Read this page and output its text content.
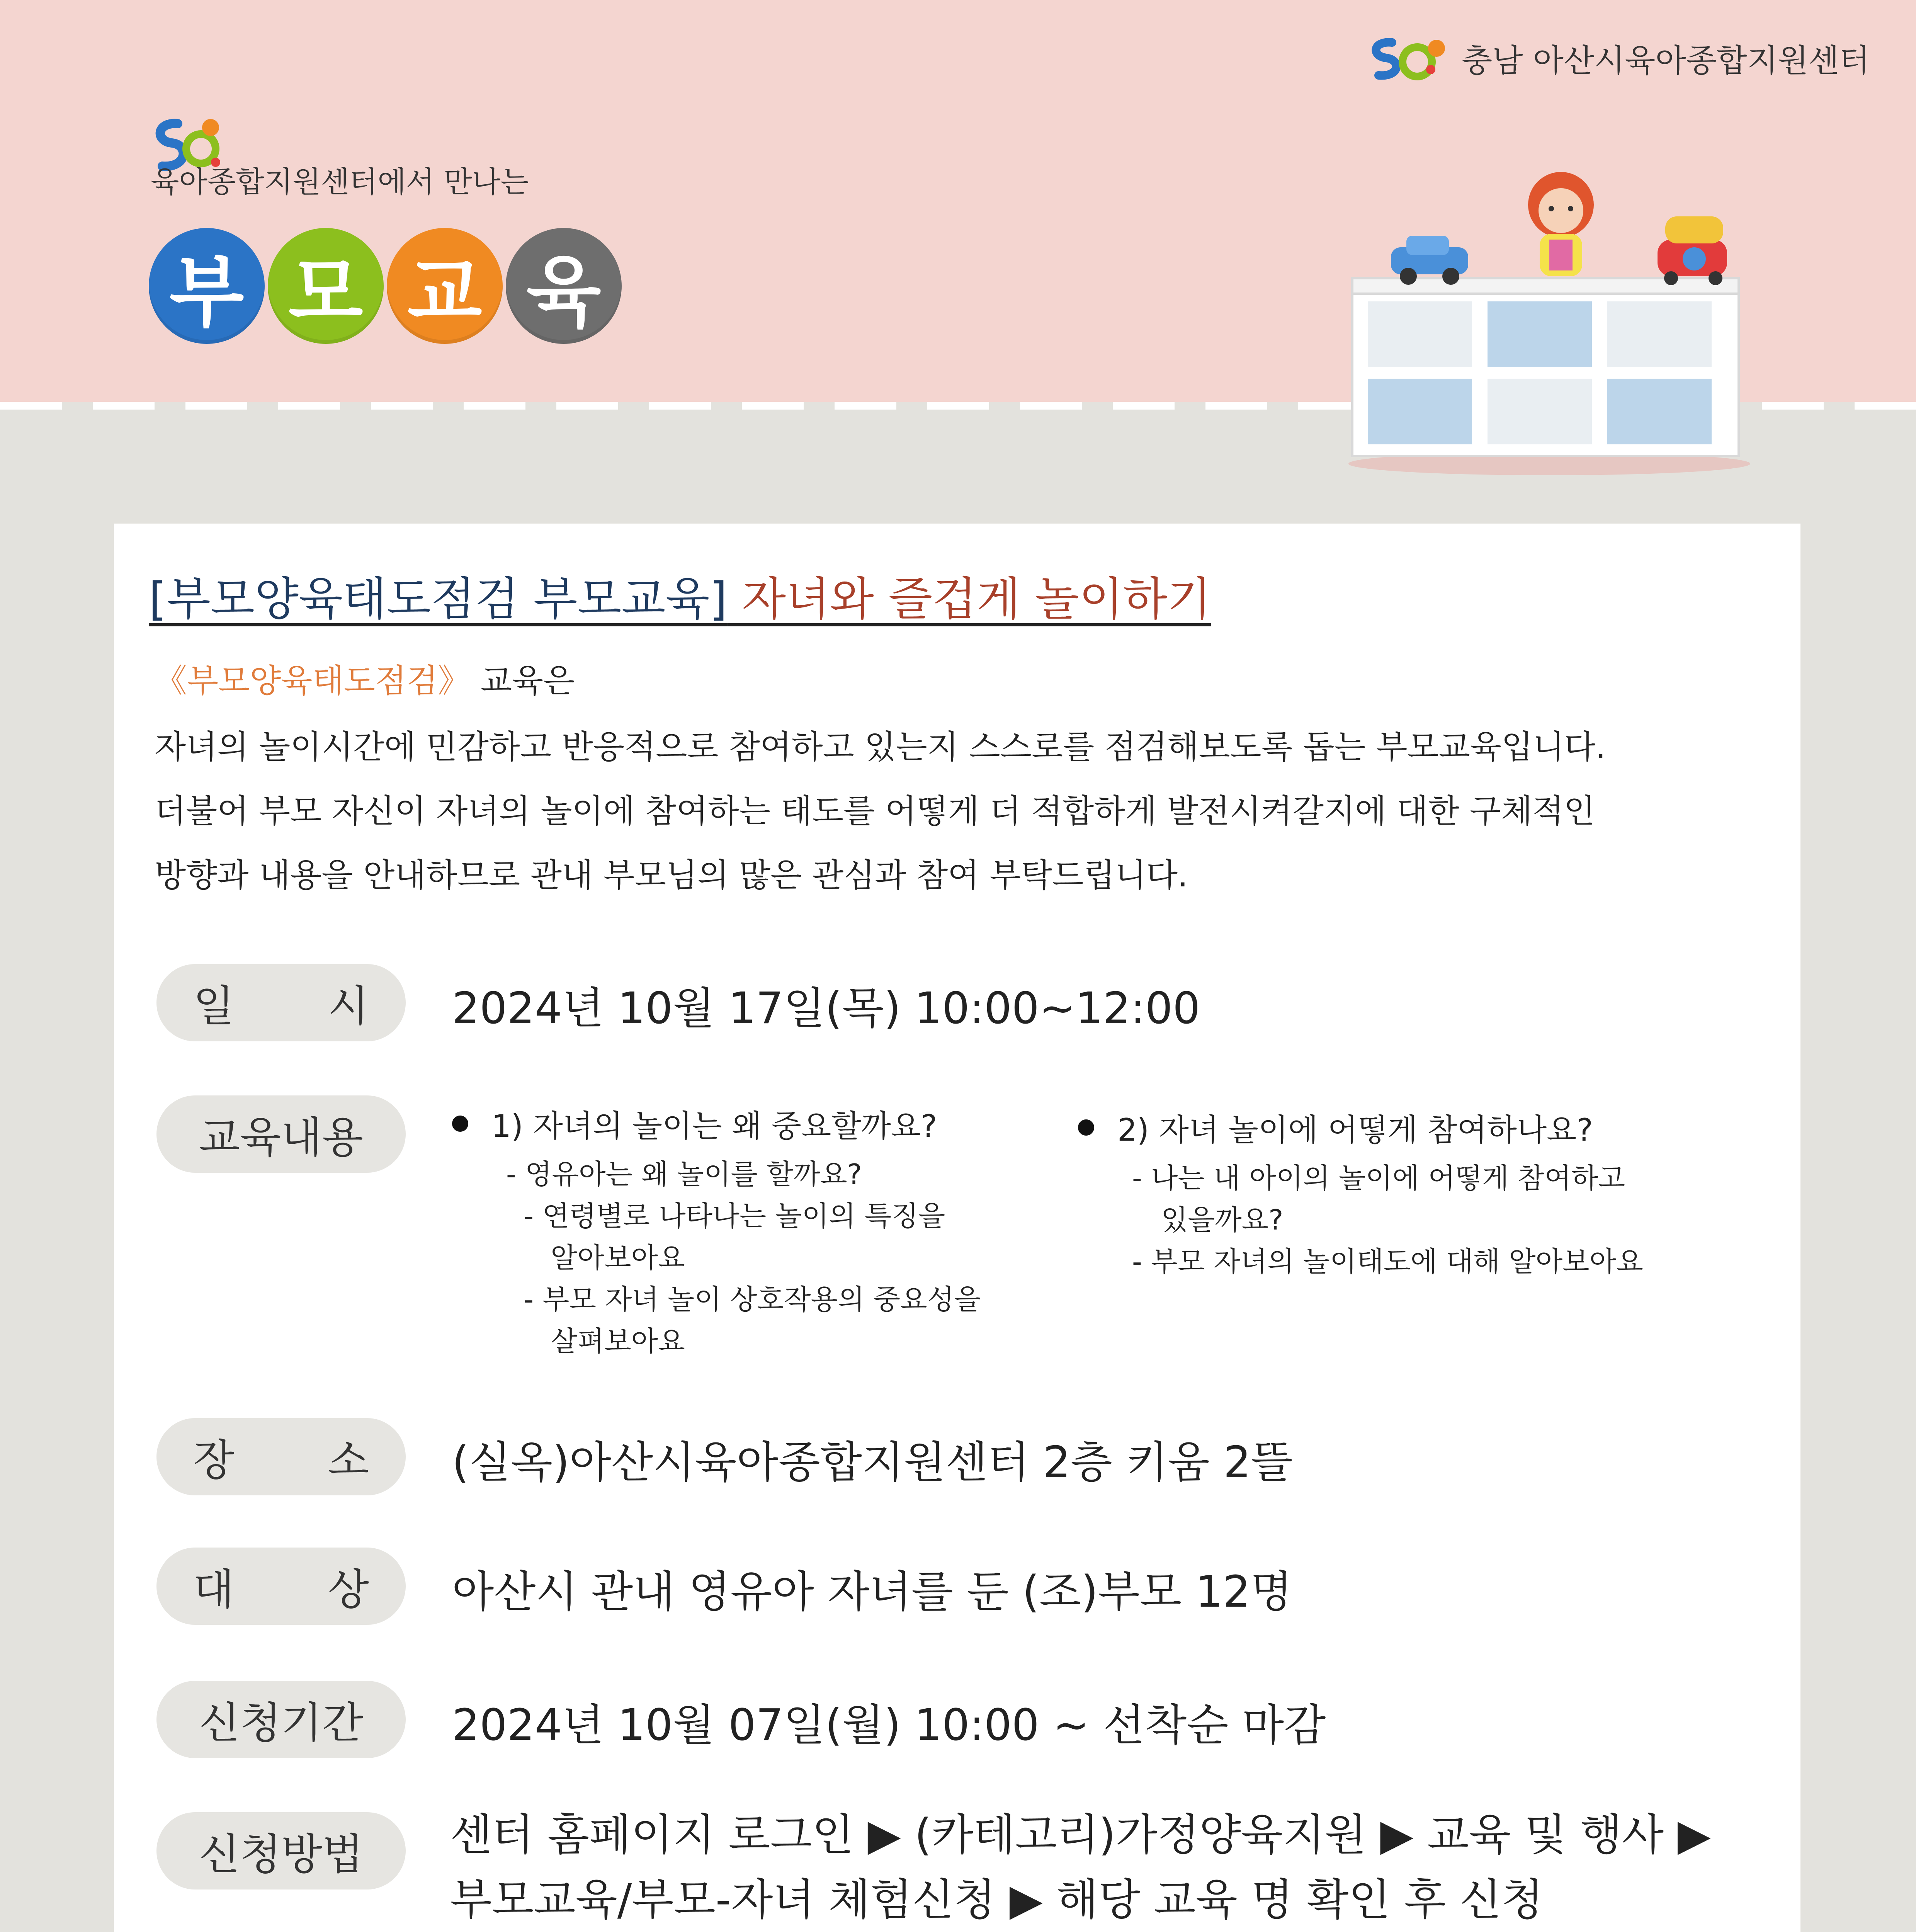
충남 아산시육아종합지원센터
육아종합지원센터에서 만나는
부 모 교 육
[부모양육태도점검 부모교육] 자녀와 즐겁게 놀이하기
《부모양육태도점검》 교육은
자녀의 놀이시간에 민감하고 반응적으로 참여하고 있는지 스스로를 점검해보도록 돕는 부모교육입니다.
더불어 부모 자신이 자녀의 놀이에 참여하는 태도를 어떻게 더 적합하게 발전시켜갈지에 대한 구체적인
방향과 내용을 안내하므로 관내 부모님의 많은 관심과 참여 부탁드립니다.
일 시 2024년 10월 17일(목) 10:00~12:00
교육내용	1) 자녀의 놀이는 왜 중요할까요?
- 영유아는 왜 놀이를 할까요?
- 연령별로 나타나는 놀이의 특징을
알아보아요
- 부모 자녀 놀이 상호작용의 중요성을
살펴보아요
2) 자녀 놀이에 어떻게 참여하나요?
- 나는 내 아이의 놀이에 어떻게 참여하고
있을까요?
- 부모 자녀의 놀이태도에 대해 알아보아요
장 소 (실옥)아산시육아종합지원센터 2층 키움 2뜰
대 상 아산시 관내 영유아 자녀를 둔 (조)부모 12명
신청기간	2024년 10월 07일(월) 10:00 ~ 선착순 마감
신청방법	센터 홈페이지 로그인 ▶ (카테고리)가정양육지원 ▶ 교육 및 행사 ▶
부모교육/부모-자녀 체험신청 ▶ 해당 교육 명 확인 후 신청
